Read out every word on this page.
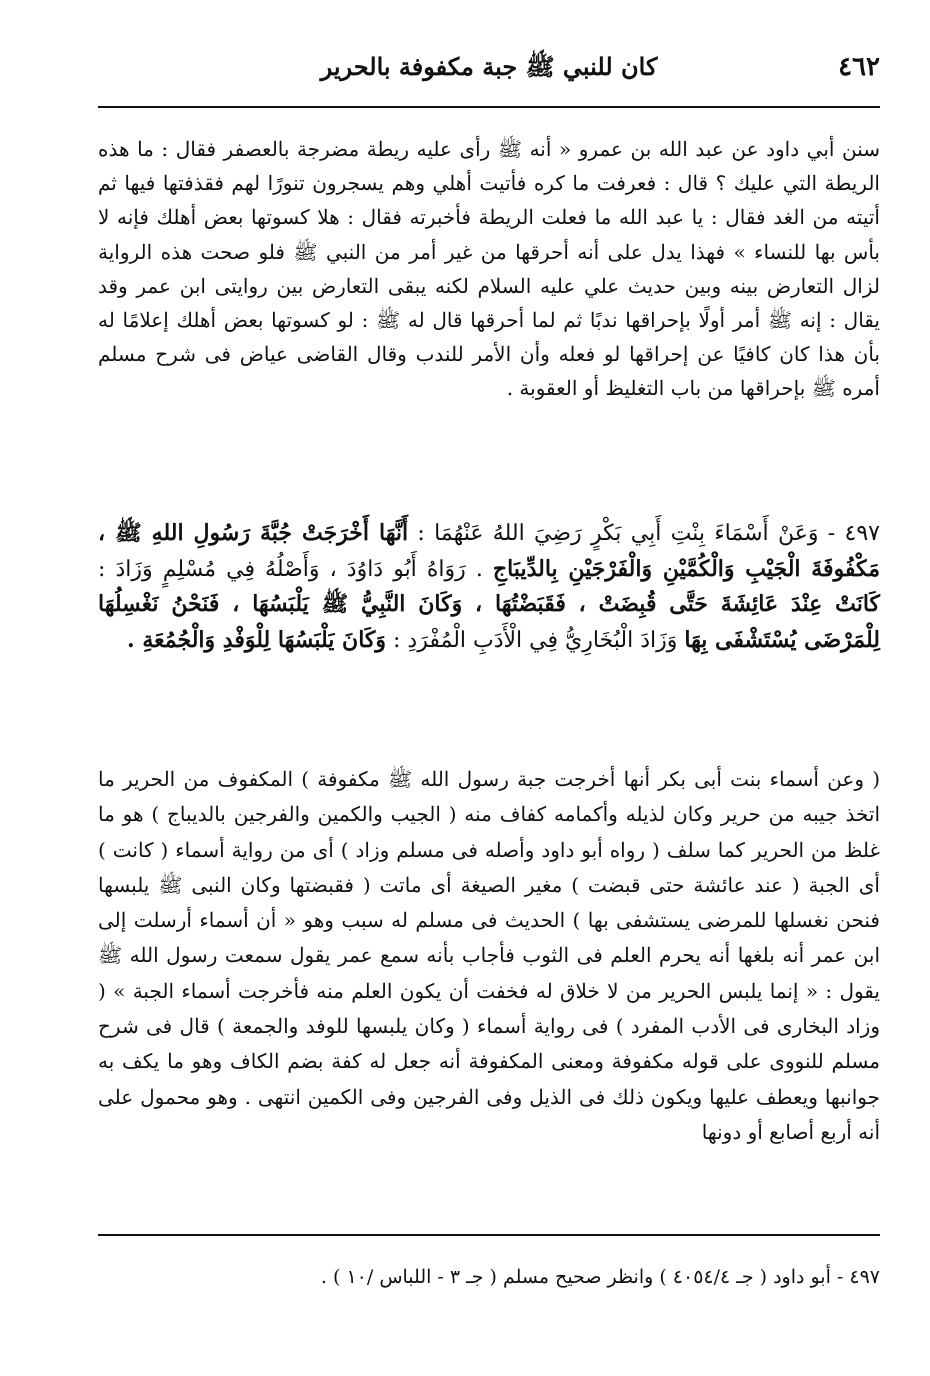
٤٦٢
كان للنبي ﷺ جبة مكفوفة بالحرير

سنن أبي داود عن عبد الله بن عمرو « أنه ﷺ رأى عليه ريطة مضرجة بالعصفر فقال : ما هذه الريطة التي عليك ؟ قال : فعرفت ما كره فأتيت أهلي وهم يسجرون تنورًا لهم فقذفتها فيها ثم أتيته من الغد فقال : يا عبد الله ما فعلت الريطة فأخبرته فقال : هلا كسوتها بعض أهلك فإنه لا بأس بها للنساء » فهذا يدل على أنه أحرقها من غير أمر من النبي ﷺ فلو صحت هذه الرواية لزال التعارض بينه وبين حديث علي عليه السلام لكنه يبقى التعارض بين روايتى ابن عمر وقد يقال : إنه ﷺ أمر أولًا بإحراقها ندبًا ثم لما أحرقها قال له ﷺ : لو كسوتها بعض أهلك إعلامًا له بأن هذا كان كافيًا عن إحراقها لو فعله وأن الأمر للندب وقال القاضى عياض فى شرح مسلم أمره ﷺ بإحراقها من باب التغليظ أو العقوبة .

٤٩٧ - وَعَنْ أَسْمَاءَ بِنْتِ أَبِي بَكْرٍ رَضِيَ اللهُ عَنْهُمَا : أَنَّهَا أَخْرَجَتْ جُبَّةَ رَسُولِ اللهِ ﷺ ، مَكْفُوفَةَ الْجَيْبِ وَالْكُمَّيْنِ وَالْفَرْجَيْنِ بِالدِّيبَاجِ . رَوَاهُ أَبُو دَاوُدَ ، وَأَصْلُهُ فِي مُسْلِمٍ وَزَادَ : كَانَتْ عِنْدَ عَائِشَةَ حَتَّى قُبِضَتْ ، فَقَبَضْتُهَا ، وَكَانَ النَّبِيُّ ﷺ يَلْبَسُهَا ، فَنَحْنُ نَغْسِلُهَا لِلْمَرْضَى يُسْتَشْفَى بِهَا وَزَادَ الْبُخَارِيُّ فِي الْأَدَبِ الْمُفْرَدِ : وَكَانَ يَلْبَسُهَا لِلْوَفْدِ وَالْجُمُعَةِ .

( وعن أسماء بنت أبى بكر أنها أخرجت جبة رسول الله ﷺ مكفوفة ) المكفوف من الحرير ما اتخذ جيبه من حرير وكان لذيله وأكمامه كفاف منه ( الجيب والكمين والفرجين بالديباج ) هو ما غلظ من الحرير كما سلف ( رواه أبو داود وأصله فى مسلم وزاد ) أى من رواية أسماء ( كانت ) أى الجبة ( عند عائشة حتى قبضت ) مغير الصيغة أى ماتت ( فقبضتها وكان النبى ﷺ يلبسها فنحن نغسلها للمرضى يستشفى بها ) الحديث فى مسلم له سبب وهو « أن أسماء أرسلت إلى ابن عمر أنه بلغها أنه يحرم العلم فى الثوب فأجاب بأنه سمع عمر يقول سمعت رسول الله ﷺ يقول : « إنما يلبس الحرير من لا خلاق له فخفت أن يكون العلم منه فأخرجت أسماء الجبة » ( وزاد البخارى فى الأدب المفرد ) فى رواية أسماء ( وكان يلبسها للوفد والجمعة ) قال فى شرح مسلم للنووى على قوله مكفوفة ومعنى المكفوفة أنه جعل له كفة بضم الكاف وهو ما يكف به جوانبها ويعطف عليها ويكون ذلك فى الذيل وفى الفرجين وفى الكمين انتهى . وهو محمول على أنه أربع أصابع أو دونها

٤٩٧ - أبو داود ( جـ ٤٠٥٤/٤ ) وانظر صحيح مسلم ( جـ ٣ - اللباس /١٠ ) .
